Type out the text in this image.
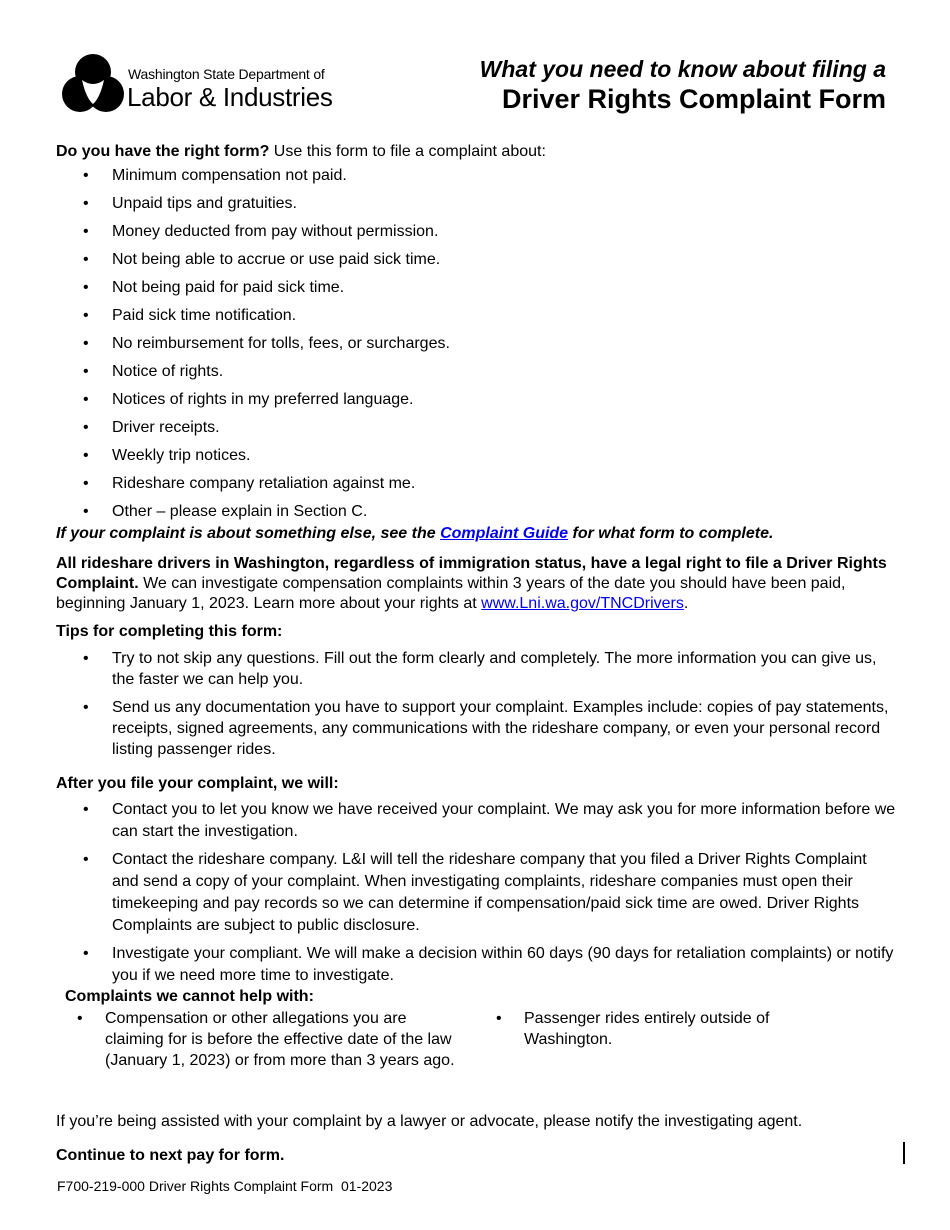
Washington State Department of
Labor & Industries
What you need to know about filing a
Driver Rights Complaint Form

Do you have the right form? Use this form to file a complaint about:

• Minimum compensation not paid.
• Unpaid tips and gratuities.
• Money deducted from pay without permission.
• Not being able to accrue or use paid sick time.
• Not being paid for paid sick time.
• Paid sick time notification.
• No reimbursement for tolls, fees, or surcharges.
• Notice of rights.
• Notices of rights in my preferred language.
• Driver receipts.
• Weekly trip notices.
• Rideshare company retaliation against me.
• Other – please explain in Section C.

If your complaint is about something else, see the Complaint Guide for what form to complete.

All rideshare drivers in Washington, regardless of immigration status, have a legal right to file a Driver Rights Complaint. We can investigate compensation complaints within 3 years of the date you should have been paid, beginning January 1, 2023. Learn more about your rights at www.Lni.wa.gov/TNCDrivers.

Tips for completing this form:

• Try to not skip any questions. Fill out the form clearly and completely. The more information you can give us, the faster we can help you.
• Send us any documentation you have to support your complaint. Examples include: copies of pay statements, receipts, signed agreements, any communications with the rideshare company, or even your personal record listing passenger rides.

After you file your complaint, we will:

• Contact you to let you know we have received your complaint. We may ask you for more information before we can start the investigation.
• Contact the rideshare company. L&I will tell the rideshare company that you filed a Driver Rights Complaint and send a copy of your complaint. When investigating complaints, rideshare companies must open their timekeeping and pay records so we can determine if compensation/paid sick time are owed. Driver Rights Complaints are subject to public disclosure.
• Investigate your compliant. We will make a decision within 60 days (90 days for retaliation complaints) or notify you if we need more time to investigate.

Complaints we cannot help with:

• Compensation or other allegations you are claiming for is before the effective date of the law (January 1, 2023) or from more than 3 years ago.
• Passenger rides entirely outside of Washington.

If you’re being assisted with your complaint by a lawyer or advocate, please notify the investigating agent.

Continue to next pay for form.

F700-219-000 Driver Rights Complaint Form  01-2023
